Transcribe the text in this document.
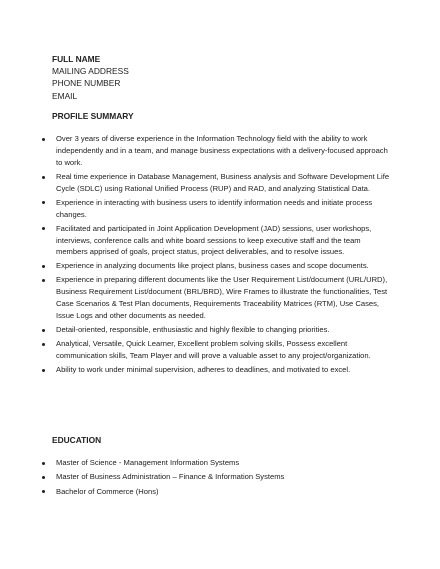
FULL NAME
MAILING ADDRESS
PHONE NUMBER
EMAIL
PROFILE SUMMARY
Over 3 years of diverse experience in the Information Technology field with the ability to work independently and in a team, and manage business expectations with a delivery-focused approach to work.
Real time experience in Database Management, Business analysis and Software Development Life Cycle (SDLC) using Rational Unified Process (RUP) and RAD, and analyzing Statistical Data.
Experience in interacting with business users to identify information needs and initiate process changes.
Facilitated and participated in Joint Application Development (JAD) sessions, user workshops, interviews, conference calls and white board sessions to keep executive staff and the team members apprised of goals, project status, project deliverables, and to resolve issues.
Experience in analyzing documents like project plans, business cases and scope documents.
Experience in preparing different documents like the User Requirement List/document (URL/URD), Business Requirement List/document (BRL/BRD), Wire Frames to illustrate the functionalities, Test Case Scenarios & Test Plan documents, Requirements Traceability Matrices (RTM), Use Cases, Issue Logs and other documents as needed.
Detail-oriented, responsible, enthusiastic and highly flexible to changing priorities.
Analytical, Versatile, Quick Learner, Excellent problem solving skills, Possess excellent communication skills, Team Player and will prove a valuable asset to any project/organization.
Ability to work under minimal supervision, adheres to deadlines, and motivated to excel.
EDUCATION
Master of Science - Management Information Systems
Master of Business Administration – Finance & Information Systems
Bachelor of Commerce (Hons)
